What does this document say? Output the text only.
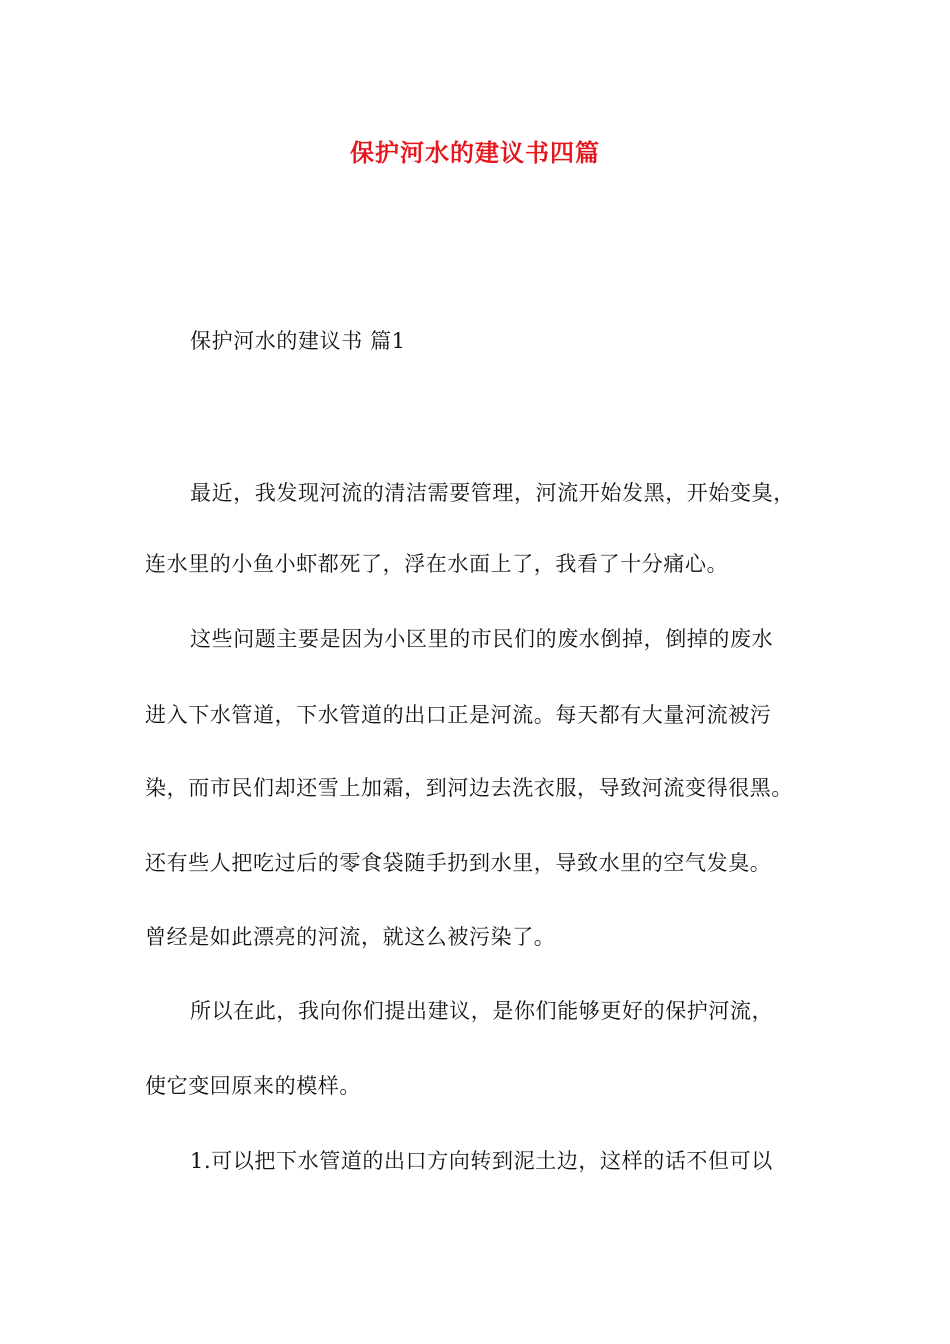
保护河水的建议书四篇
保护河水的建议书 篇1
最近，我发现河流的清洁需要管理，河流开始发黑，开始变臭，
连水里的小鱼小虾都死了，浮在水面上了，我看了十分痛心。
这些问题主要是因为小区里的市民们的废水倒掉，倒掉的废水
进入下水管道，下水管道的出口正是河流。每天都有大量河流被污
染，而市民们却还雪上加霜，到河边去洗衣服，导致河流变得很黑。
还有些人把吃过后的零食袋随手扔到水里，导致水里的空气发臭。
曾经是如此漂亮的河流，就这么被污染了。
所以在此，我向你们提出建议，是你们能够更好的保护河流，
使它变回原来的模样。
1.可以把下水管道的出口方向转到泥土边，这样的话不但可以
